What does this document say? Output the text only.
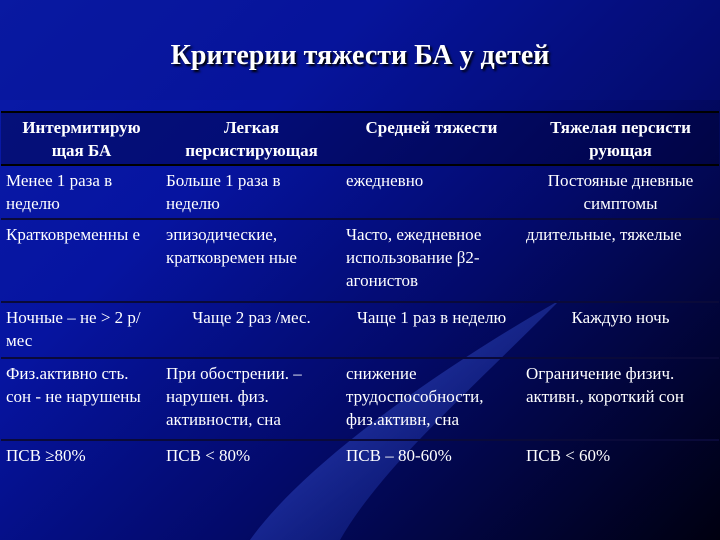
Критерии тяжести БА у детей
Интермитирую щая БА	Легкая персистирующая	Средней тяжести	Тяжелая персисти рующая
Менее 1 раза в неделю	Больше 1 раза в неделю	ежедневно	Постояные дневные симптомы
Кратковременны е	эпизодические, кратковремен ные	Часто, ежедневное использование β2-агонистов	длительные, тяжелые
Ночные – не > 2 р/мес	Чаще 2 раз /мес.	Чаще 1 раз в неделю	Каждую ночь
Физ.активно сть. сон - не нарушены	При обострении. – нарушен. физ. активности, сна	снижение трудоспособности, физ.активн, сна	Ограничение физич. активн., короткий сон
ПСВ ≥80%	ПСВ < 80%	ПСВ – 80-60%	ПСВ < 60%
